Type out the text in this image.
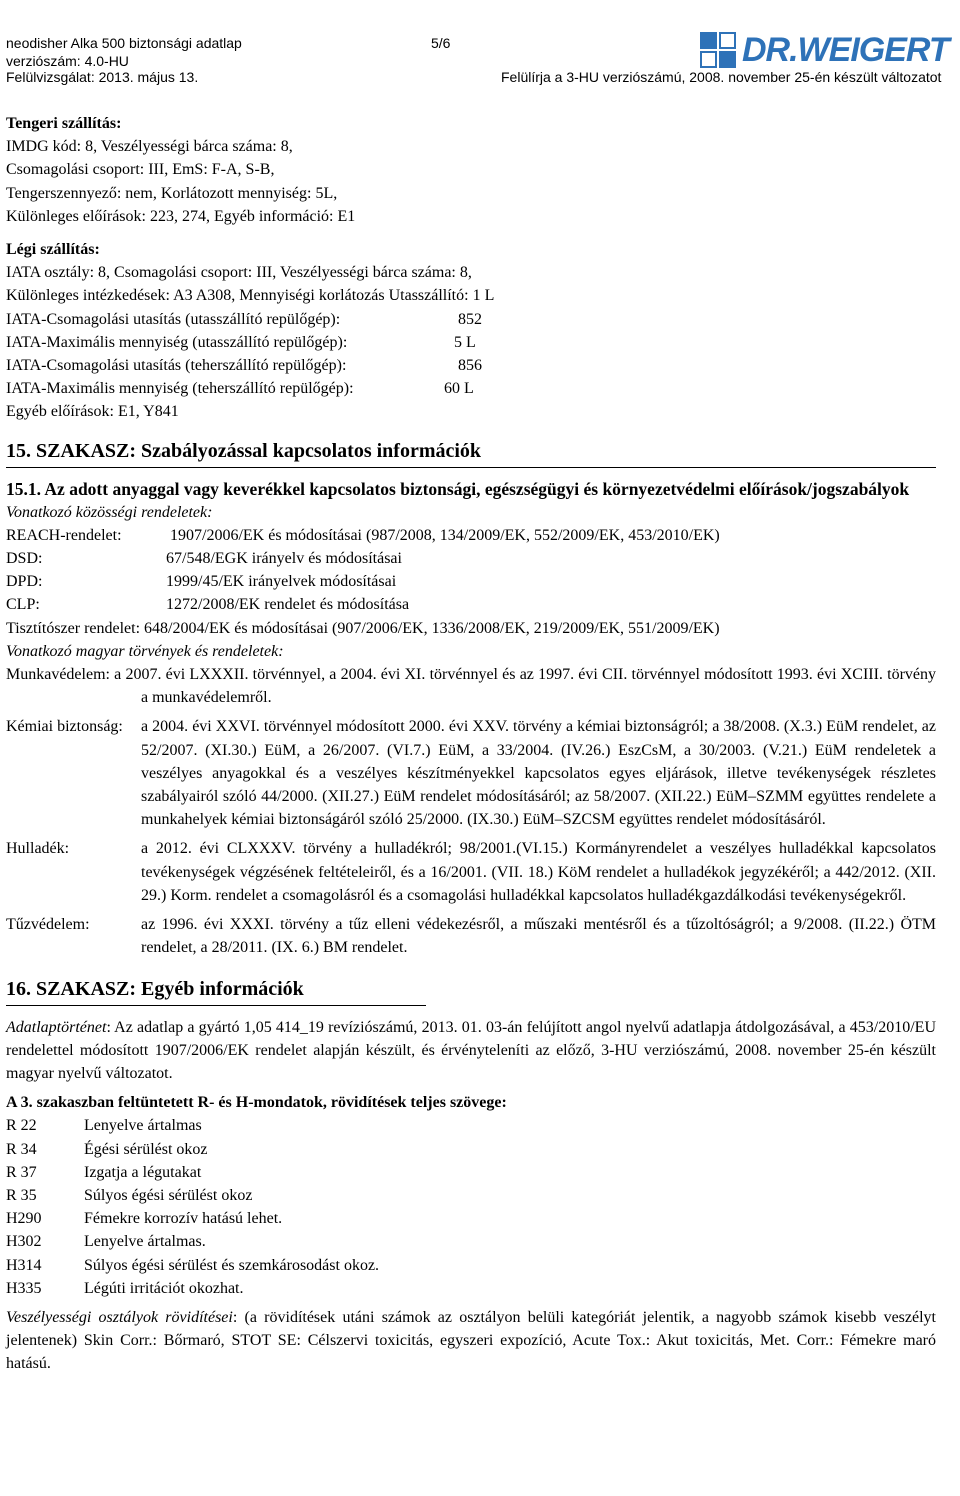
neodisher Alka 500 biztonsági adatlap	5/6
verziószám: 4.0-HU
Felülvizsgálat: 2013. május 13.	Felülírja a 3-HU verziószámú, 2008. november 25-én készült változatot
DR.WEIGERT
Tengeri szállítás:
IMDG kód: 8, Veszélyességi bárca száma: 8,
Csomagolási csoport: III, EmS: F-A, S-B,
Tengerszennyező: nem, Korlátozott mennyiség: 5L,
Különleges előírások: 223, 274, Egyéb információ: E1
Légi szállítás:
IATA osztály: 8, Csomagolási csoport: III, Veszélyességi bárca száma: 8,
Különleges intézkedések: A3 A308, Mennyiségi korlátozás Utasszállító: 1 L
IATA-Csomagolási utasítás (utasszállító repülőgép):	852
IATA-Maximális mennyiség (utasszállító repülőgép):	5 L
IATA-Csomagolási utasítás (teherszállító repülőgép):	856
IATA-Maximális mennyiség (teherszállító repülőgép):	60 L
Egyéb előírások: E1, Y841
15. SZAKASZ: Szabályozással kapcsolatos információk
15.1. Az adott anyaggal vagy keverékkel kapcsolatos biztonsági, egészségügyi és környezetvédelmi előírások/jogszabályok
Vonatkozó közösségi rendeletek:
REACH-rendelet:	1907/2006/EK és módosításai (987/2008, 134/2009/EK, 552/2009/EK, 453/2010/EK)
DSD:	67/548/EGK irányelv és módosításai
DPD:	1999/45/EK irányelvek módosításai
CLP:	1272/2008/EK rendelet és módosítása
Tisztítószer rendelet: 648/2004/EK és módosításai (907/2006/EK, 1336/2008/EK, 219/2009/EK, 551/2009/EK)
Vonatkozó magyar törvények és rendeletek:
Munkavédelem: a 2007. évi LXXXII. törvénnyel, a 2004. évi XI. törvénnyel és az 1997. évi CII. törvénnyel módosított 1993. évi XCIII. törvény a munkavédelemről.
Kémiai biztonság:	a 2004. évi XXVI. törvénnyel módosított 2000. évi XXV. törvény a kémiai biztonságról; a 38/2008. (X.3.) EüM rendelet, az 52/2007. (XI.30.) EüM, a 26/2007. (VI.7.) EüM, a 33/2004. (IV.26.) EszCsM, a 30/2003. (V.21.) EüM rendeletek a veszélyes anyagokkal és a veszélyes készítményekkel kapcsolatos egyes eljárások, illetve tevékenységek részletes szabályairól szóló 44/2000. (XII.27.) EüM rendelet módosításáról; az 58/2007. (XII.22.) EüM–SZMM együttes rendelete a munkahelyek kémiai biztonságáról szóló 25/2000. (IX.30.) EüM–SZCSM együttes rendelet módosításáról.
Hulladék:	a 2012. évi CLXXXV. törvény a hulladékról; 98/2001.(VI.15.) Kormányrendelet a veszélyes hulladékkal kapcsolatos tevékenységek végzésének feltételeiről, és a 16/2001. (VII. 18.) KöM rendelet a hulladékok jegyzékéről; a 442/2012. (XII. 29.) Korm. rendelet a csomagolásról és a csomagolási hulladékkal kapcsolatos hulladékgazdálkodási tevékenységekről.
Tűzvédelem:	az 1996. évi XXXI. törvény a tűz elleni védekezésről, a műszaki mentésről és a tűzoltóságról; a 9/2008. (II.22.) ÖTM rendelet, a 28/2011. (IX. 6.) BM rendelet.
16. SZAKASZ: Egyéb információk
Adatlaptörténet: Az adatlap a gyártó 1,05 414_19 revíziószámú, 2013. 01. 03-án felújított angol nyelvű adatlapja átdolgozásával, a 453/2010/EU rendelettel módosított 1907/2006/EK rendelet alapján készült, és érvényteleníti az előző, 3-HU verziószámú, 2008. november 25-én készült magyar nyelvű változatot.
A 3. szakaszban feltüntetett R- és H-mondatok, rövidítések teljes szövege:
R 22	Lenyelve ártalmas
R 34	Égési sérülést okoz
R 37	Izgatja a légutakat
R 35	Súlyos égési sérülést okoz
H290	Fémekre korrozív hatású lehet.
H302	Lenyelve ártalmas.
H314	Súlyos égési sérülést és szemkárosodást okoz.
H335	Légúti irritációt okozhat.
Veszélyességi osztályok rövidítései: (a rövidítések utáni számok az osztályon belüli kategóriát jelentik, a nagyobb számok kisebb veszélyt jelentenek) Skin Corr.: Bőrmaró, STOT SE: Célszervi toxicitás, egyszeri expozíció, Acute Tox.: Akut toxicitás, Met. Corr.: Fémekre maró hatású.
